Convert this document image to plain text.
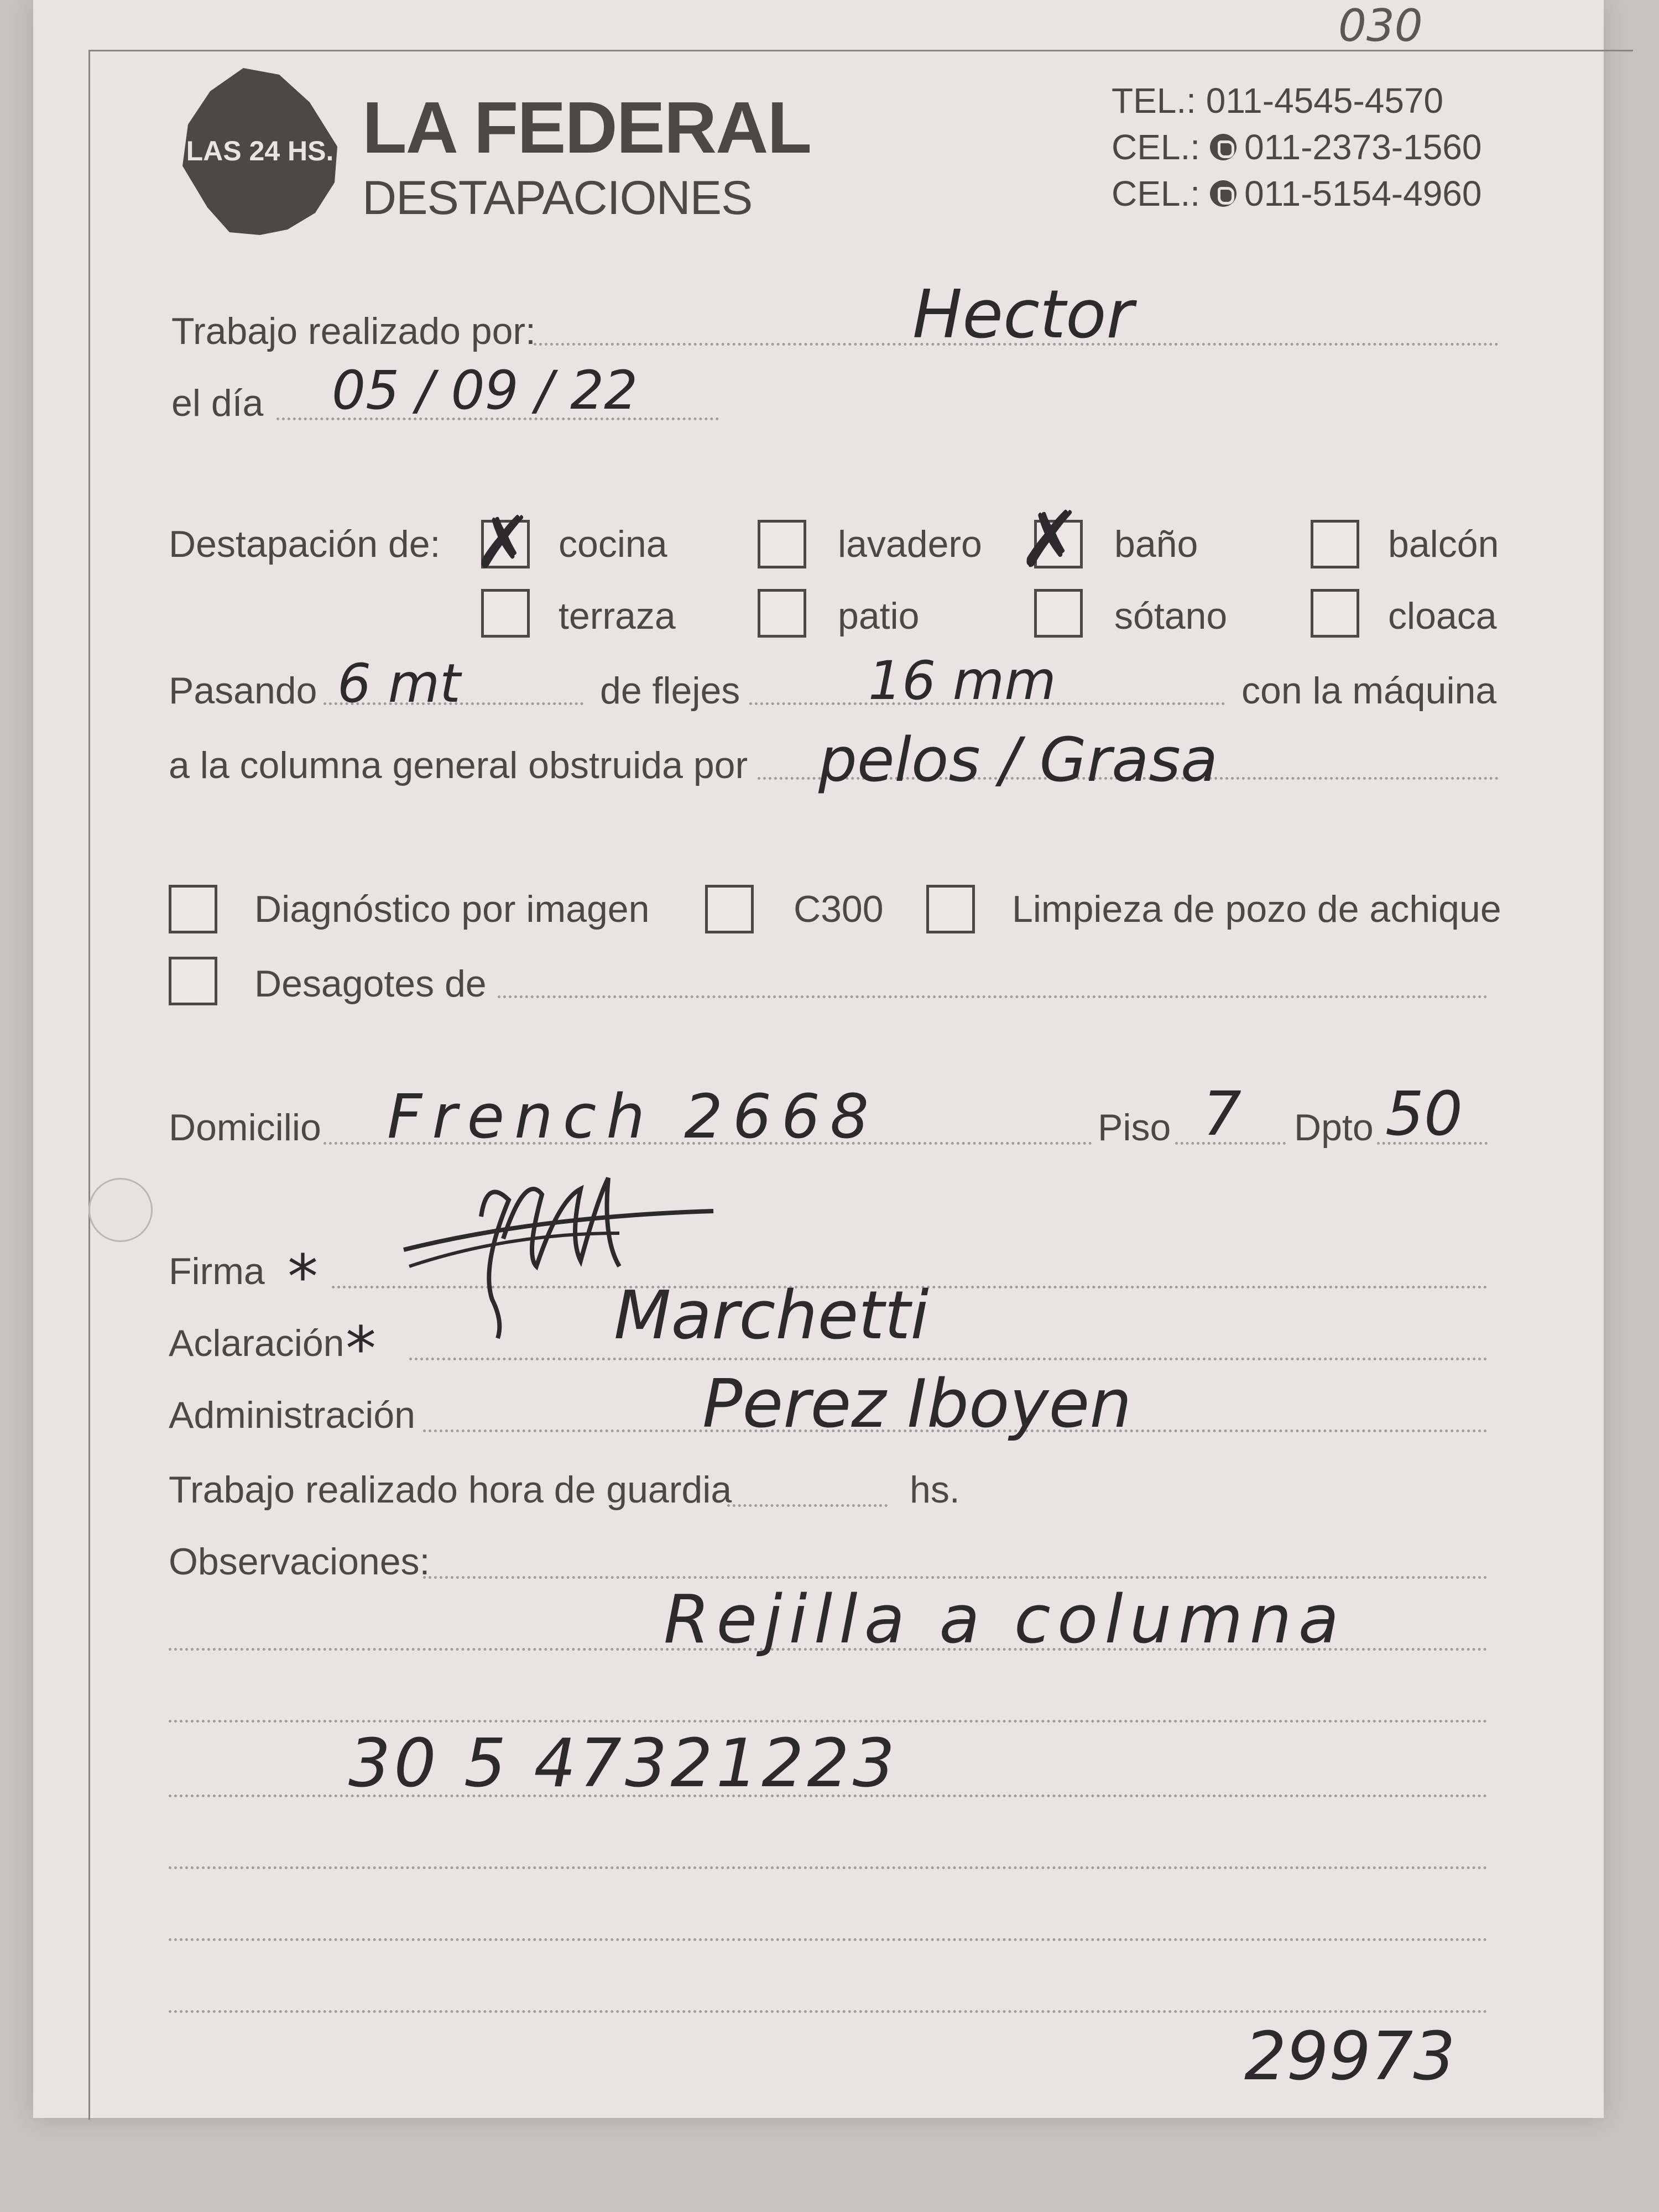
030
LAS 24 HS. LA FEDERAL
DESTAPACIONES
TEL.:
011-4545-4570
CEL.: 011-2373-1560
CEL.: 011-5154-4960
Trabajo realizado por:	Hector
el día 05 / 09 / 22
Destapación de: ✗ cocina	lavadero ✗ baño	balcón
terraza	patio	sótano	cloaca
Pasando 6 mt	de flejes 16 mm	con la máquina
a la columna general obstruida por pelos / Grasa
Diagnóstico por imagen	C300	Limpieza de pozo de achique
Desagotes de
Domicilio French 2668	Piso 7 Dpto 50
Firma *
Aclaración *	Marchetti
Administración	Perez Iboyen
Trabajo realizado hora de guardia	hs.
Observaciones:
Rejilla a columna
30 5 47321223
29973
